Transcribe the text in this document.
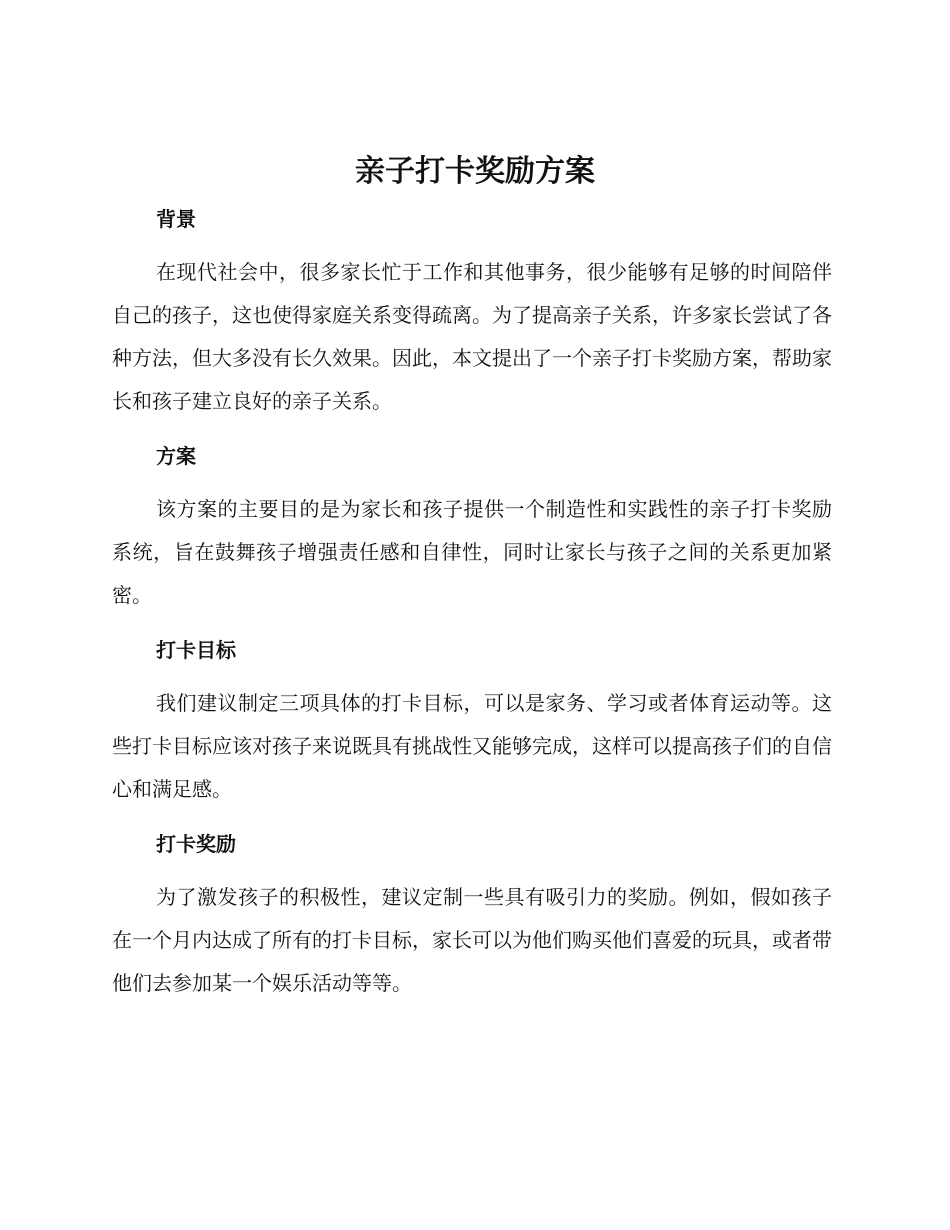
亲子打卡奖励方案
背景

在现代社会中，很多家长忙于工作和其他事务，很少能够有足够的时间陪伴自己的孩子，这也使得家庭关系变得疏离。为了提高亲子关系，许多家长尝试了各种方法，但大多没有长久效果。因此，本文提出了一个亲子打卡奖励方案，帮助家长和孩子建立良好的亲子关系。

方案

该方案的主要目的是为家长和孩子提供一个制造性和实践性的亲子打卡奖励系统，旨在鼓舞孩子增强责任感和自律性，同时让家长与孩子之间的关系更加紧密。

打卡目标

我们建议制定三项具体的打卡目标，可以是家务、学习或者体育运动等。这些打卡目标应该对孩子来说既具有挑战性又能够完成，这样可以提高孩子们的自信心和满足感。

打卡奖励

为了激发孩子的积极性，建议定制一些具有吸引力的奖励。例如，假如孩子在一个月内达成了所有的打卡目标，家长可以为他们购买他们喜爱的玩具，或者带他们去参加某一个娱乐活动等等。
